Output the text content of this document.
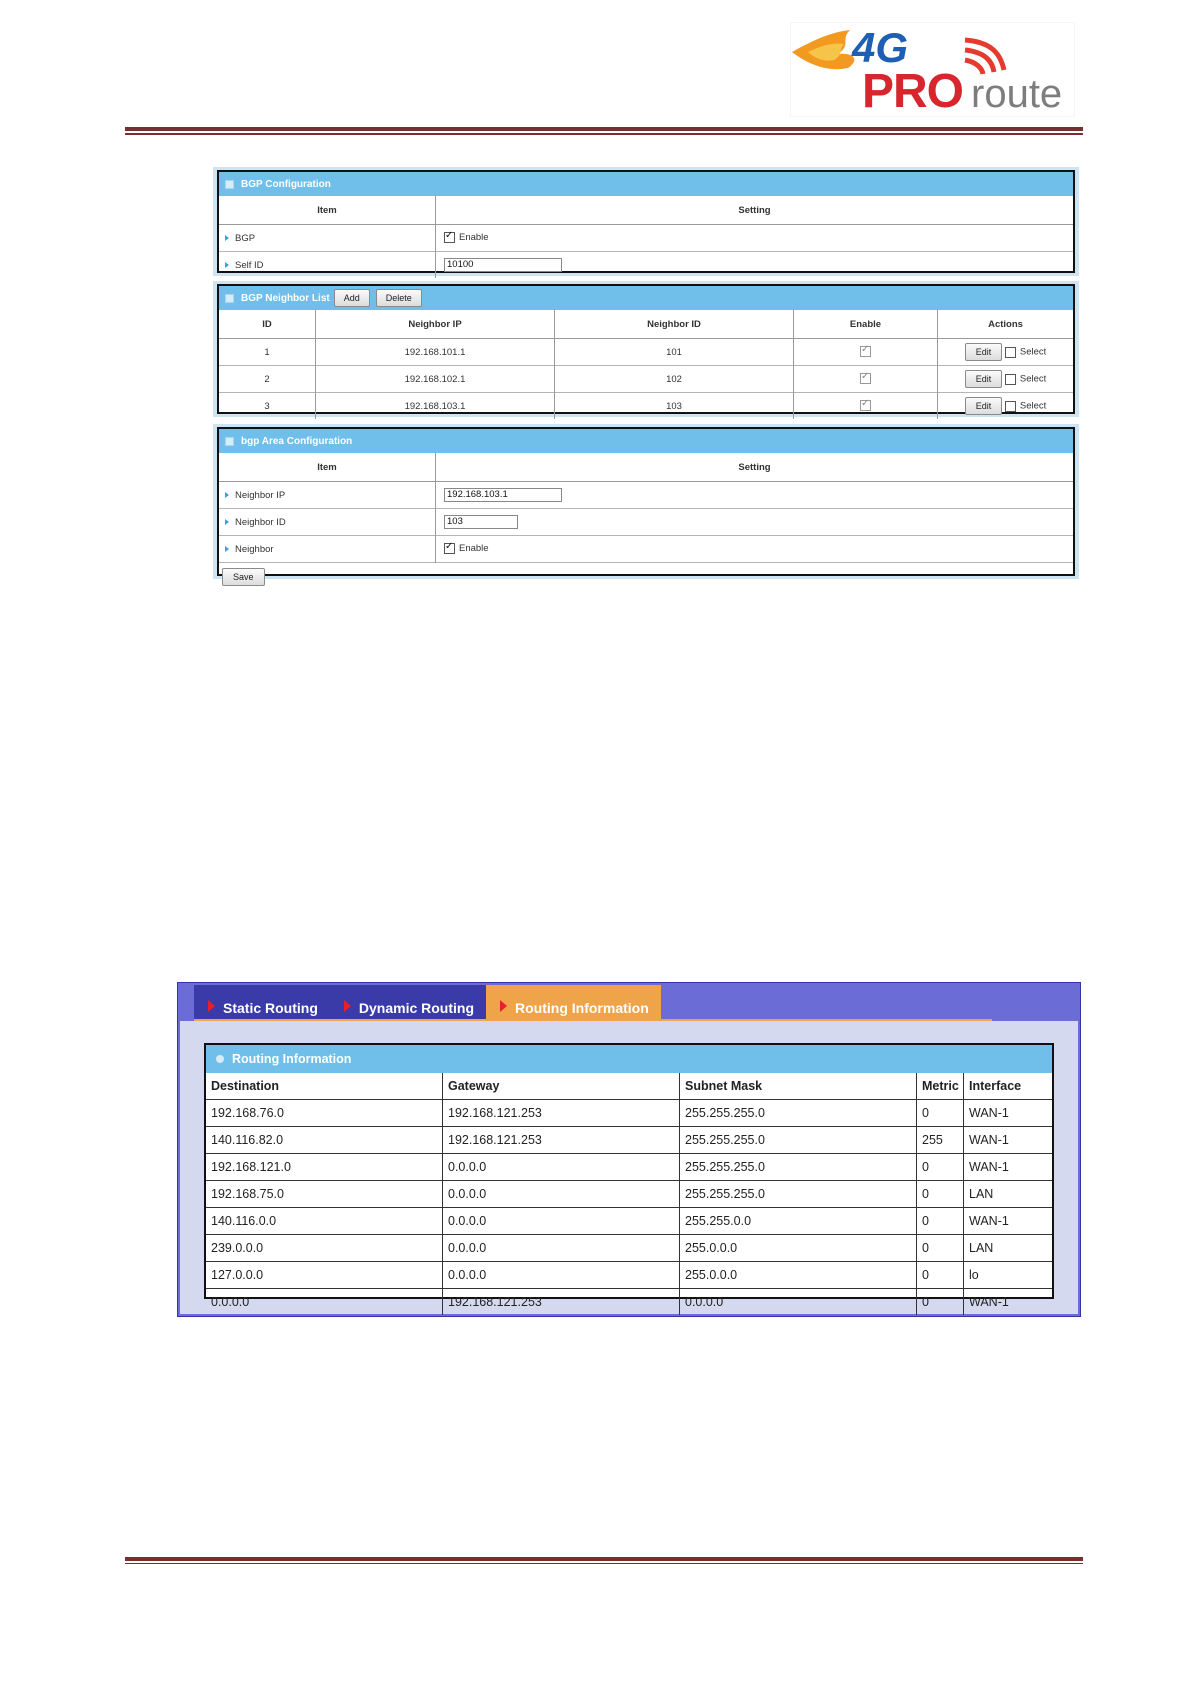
4G
PRO route
BGP Configuration
Item	Setting
BGP	✓Enable
Self ID	10100
BGP Neighbor List	Add	Delete
ID	Neighbor IP	Neighbor ID	Enable	Actions
1	192.168.101.1	101	✓	Edit Select
2	192.168.102.1	102	✓	Edit Select
3	192.168.103.1	103	✓	Edit Select
bgp Area Configuration
Item	Setting
Neighbor IP	192.168.103.1
Neighbor ID	103
Neighbor	✓Enable
Save	
Static Routing	Dynamic Routing	Routing Information
Routing Information
Destination	Gateway	Subnet Mask	Metric	Interface
192.168.76.0	192.168.121.253	255.255.255.0	0	WAN-1
140.116.82.0	192.168.121.253	255.255.255.0	255	WAN-1
192.168.121.0	0.0.0.0	255.255.255.0	0	WAN-1
192.168.75.0	0.0.0.0	255.255.255.0	0	LAN
140.116.0.0	0.0.0.0	255.255.0.0	0	WAN-1
239.0.0.0	0.0.0.0	255.0.0.0	0	LAN
127.0.0.0	0.0.0.0	255.0.0.0	0	lo
0.0.0.0	192.168.121.253	0.0.0.0	0	WAN-1
